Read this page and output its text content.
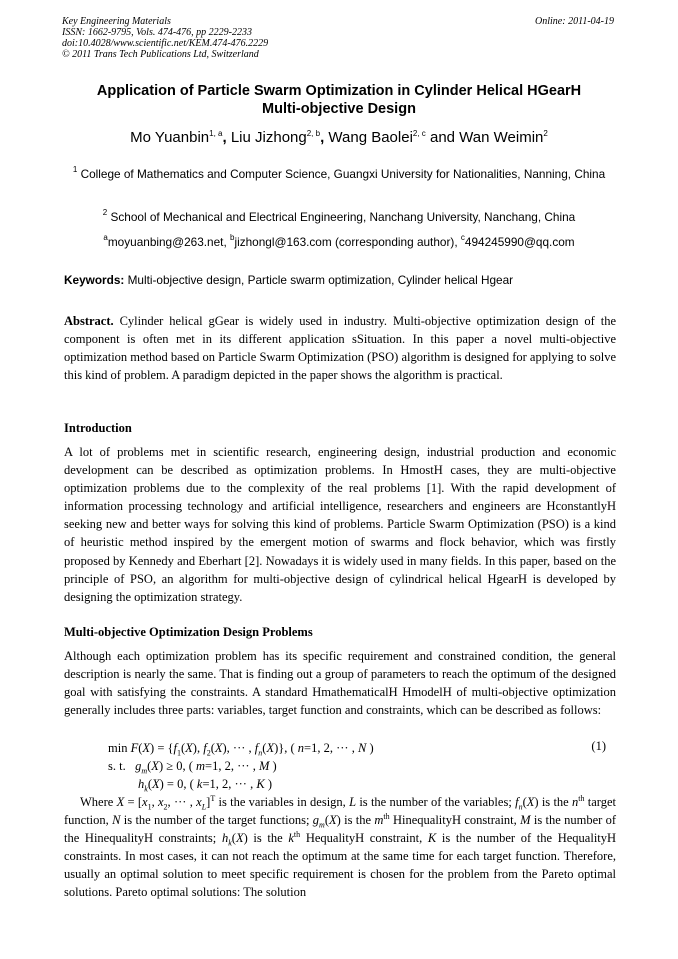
Key Engineering Materials
ISSN: 1662-9795, Vols. 474-476, pp 2229-2233
doi:10.4028/www.scientific.net/KEM.474-476.2229
© 2011 Trans Tech Publications Ltd, Switzerland
Online: 2011-04-19
Application of Particle Swarm Optimization in Cylinder Helical HGearH
Multi-objective Design
Mo Yuanbin$^{1, a}$, Liu Jizhong$^{2, b}$, Wang Baolei$^{2, c}$ and Wan Weimin$^2$
$^1$ College of Mathematics and Computer Science, Guangxi University for Nationalities, Nanning, China
$^2$ School of Mechanical and Electrical Engineering, Nanchang University, Nanchang, China
$^a$moyuanbing@263.net, $^b$jizhongl@163.com (corresponding author), $^c$494245990@qq.com
Keywords: Multi-objective design, Particle swarm optimization, Cylinder helical Hgear
Abstract. Cylinder helical gGear is widely used in industry. Multi-objective optimization design of the component is often met in its different application sSituation. In this paper a novel multi-objective optimization method based on Particle Swarm Optimization (PSO) algorithm is designed for applying to solve this kind of problem. A paradigm depicted in the paper shows the algorithm is practical.
Introduction
A lot of problems met in scientific research, engineering design, industrial production and economic development can be described as optimization problems. In HmostH cases, they are multi-objective optimization problems due to the complexity of the real problems [1]. With the rapid development of information processing technology and artificial intelligence, researchers and engineers are HconstantlyH seeking new and better ways for solving this kind of problems. Particle Swarm Optimization (PSO) is a kind of heuristic method inspired by the emergent motion of swarms and flock behavior, which was firstly proposed by Kennedy and Eberhart [2]. Nowadays it is widely used in many fields. In this paper, based on the principle of PSO, an algorithm for multi-objective design of cylindrical helical HgearH is developed by designing the optimization strategy.
Multi-objective Optimization Design Problems
Although each optimization problem has its specific requirement and constrained condition, the general description is nearly the same. That is finding out a group of parameters to reach the optimum of the designed goal with satisfying the constraints. A standard HmathematicalH HmodelH of multi-objective optimization generally includes three parts: variables, target function and constraints, which can be described as follows:
$\min F(X) = \{f_1(X)$, $f_2(X)$, ··· , $f_n(X)$}, ( n=1, 2, ··· , N )	(1)
s. t. $g_m(X) \ge 0$, ( m=1, 2, ··· , M )
$h_k(X) = 0$, ( k=1, 2, ··· , K )
Where $X = [x_1$, $x_2$, ··· , $x_L]^T$ is the variables in design, L is the number of the variables; $f_n(X)$ is the $n^{th}$ target function, N is the number of the target functions; $g_m(X)$ is the $m^{th}$ HinequalityH constraint, M is the number of the HinequalityH constraints; $h_k(X)$ is the $k^{th}$ HequalityH constraint, K is the number of the HequalityH constraints. In most cases, it can not reach the optimum at the same time for each target function. Therefore, usually an optimal solution to meet specific requirement is chosen for the problem from the Pareto optimal solutions. Pareto optimal solutions: The solution
